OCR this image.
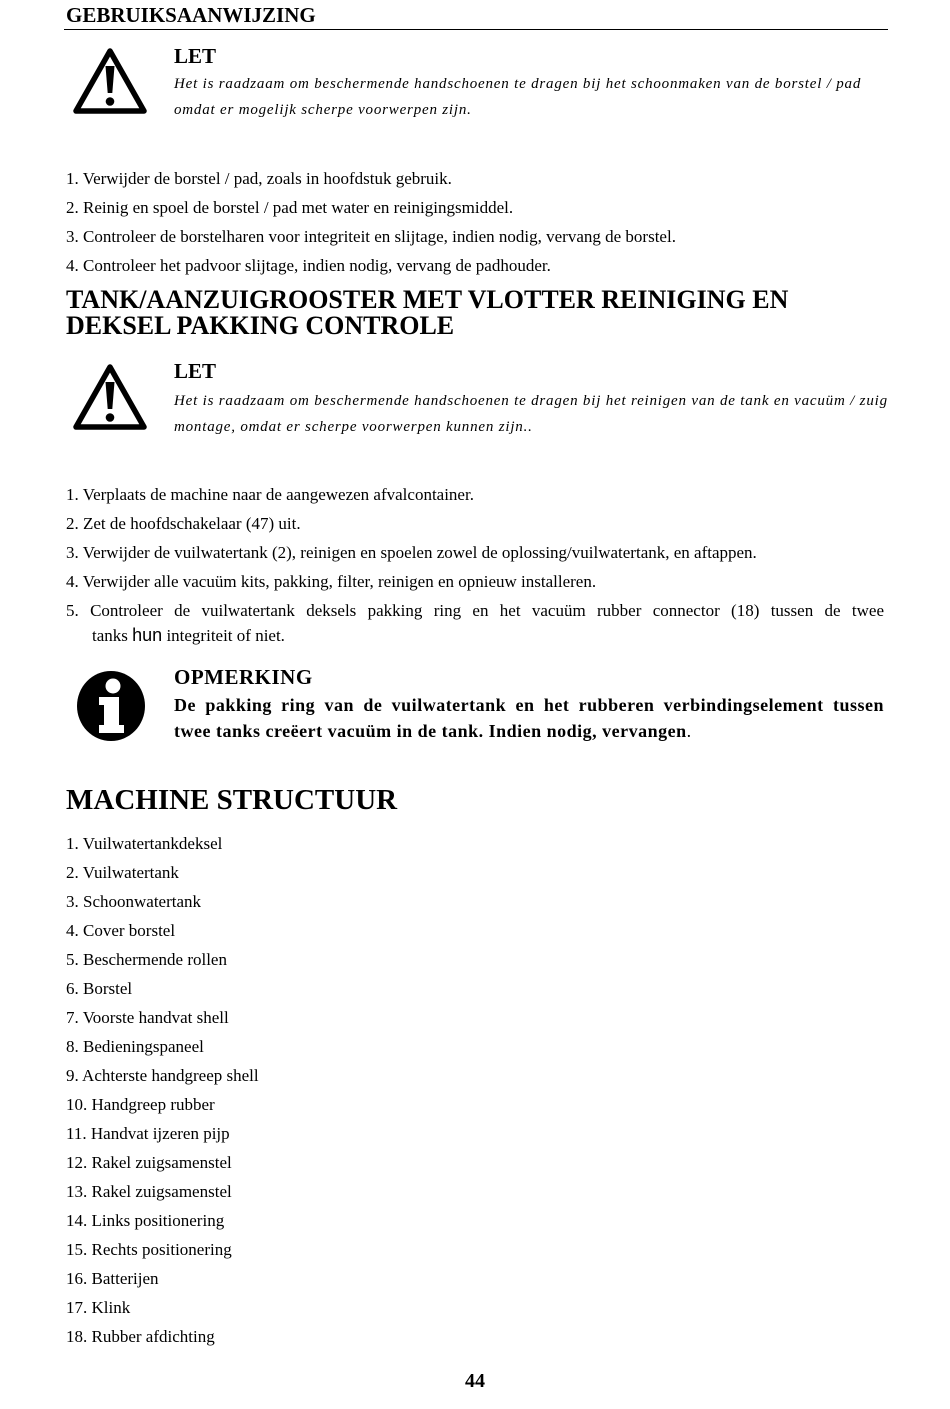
GEBRUIKSAANWIJZING
LET
Het is raadzaam om beschermende handschoenen te dragen bij het schoonmaken van de borstel / pad
omdat er mogelijk scherpe voorwerpen zijn.
1. Verwijder de borstel / pad, zoals in hoofdstuk gebruik.
2. Reinig en spoel de borstel / pad met water en reinigingsmiddel.
3. Controleer de borstelharen voor integriteit en slijtage, indien nodig, vervang de borstel.
4. Controleer het padvoor slijtage, indien nodig, vervang de padhouder.
TANK/AANZUIGROOSTER MET VLOTTER REINIGING EN
DEKSEL PAKKING CONTROLE
LET
Het is raadzaam om beschermende handschoenen te dragen bij het reinigen van de tank en vacuüm / zuig
montage, omdat er scherpe voorwerpen kunnen zijn..
1. Verplaats de machine naar de aangewezen afvalcontainer.
2. Zet de hoofdschakelaar (47) uit.
3. Verwijder de vuilwatertank (2), reinigen en spoelen zowel de oplossing/vuilwatertank, en aftappen.
4. Verwijder alle vacuüm kits, pakking, filter, reinigen en opnieuw installeren.
5. Controleer de vuilwatertank deksels pakking ring en het vacuüm rubber connector (18) tussen de twee
tanks hun integriteit of niet.
OPMERKING
De pakking ring van de vuilwatertank en het rubberen verbindingselement tussen
twee tanks creëert vacuüm in de tank. Indien nodig, vervangen.
MACHINE STRUCTUUR
1. Vuilwatertankdeksel
2. Vuilwatertank
3. Schoonwatertank
4. Cover borstel
5. Beschermende rollen
6. Borstel
7. Voorste handvat shell
8. Bedieningspaneel
9. Achterste handgreep shell
10. Handgreep rubber
11. Handvat ijzeren pijp
12. Rakel zuigsamenstel
13. Rakel zuigsamenstel
14. Links positionering
15. Rechts positionering
16. Batterijen
17. Klink
18. Rubber afdichting
44
